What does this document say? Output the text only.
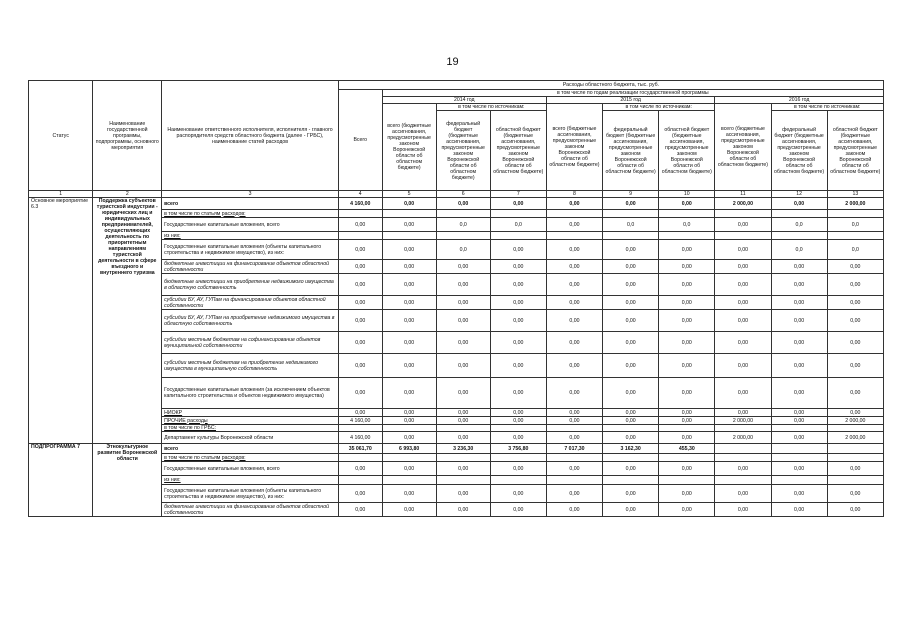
19
Статус	Наименование государственной программы, подпрограммы, основного мероприятия	Наименование ответственного исполнителя, исполнителя - главного распорядителя средств областного бюджета (далее - ГРБС), наименование статей расходов	Расходы областного бюджета, тыс. руб.									
			Всего	в том числе по годам реализации государственной программы								
				2014 год			2015 год			2016 год		
				всего (бюджетные ассигнования, предусмотренные законом Воронежской области об областном бюджете)	в том числе по источникам:		всего (бюджетные ассигнования, предусмотренные законом Воронежской области об областном бюджете)	в том числе по источникам:		всего (бюджетные ассигнования, предусмотренные законом Воронежской области об областном бюджете)	в том числе по источникам:	
					федеральный бюджет (бюджетные ассигнования, предусмотренные законом Воронежской области об областном бюджете)	областной бюджет (бюджетные ассигнования, предусмотренные законом Воронежской области об областном бюджете)		федеральный бюджет (бюджетные ассигнования, предусмотренные законом Воронежской области об областном бюджете)	областной бюджет (бюджетные ассигнования, предусмотренные законом Воронежской области об областном бюджете)		федеральный бюджет (бюджетные ассигнования, предусмотренные законом Воронежской области об областном бюджете)	областной бюджет (бюджетные ассигнования, предусмотренные законом Воронежской области об областном бюджете)
1	2	3	4	5	6	7	8	9	10	11	12	13
Основное мероприятие 6.3	Поддержка субъектов туристской индустрии - юридических лиц и индивидуальных предпринимателей, осуществляющих деятельность по приоритетным направлениям туристской деятельности в сфере въездного и внутреннего туризма	всего	4 160,00	0,00	0,00	0,00	0,00	0,00	0,00	2 000,00	0,00	2 000,00
		в том числе по статьям расходов:										
		Государственные капитальные вложения, всего	0,00	0,00	0,0	0,0	0,00	0,0	0,0	0,00	0,0	0,0
		из них:										
		Государственные капитальные вложения (объекты капитального строительства и недвижимое имущество), из них:	0,00	0,00	0,0	0,00	0,00	0,00	0,00	0,00	0,0	0,0
		бюджетные инвестиции на финансирование объектов областной собственности	0,00	0,00	0,00	0,00	0,00	0,00	0,00	0,00	0,00	0,00
		бюджетные инвестиции на приобретение недвижимого имущества в областную собственность	0,00	0,00	0,00	0,00	0,00	0,00	0,00	0,00	0,00	0,00
		субсидии БУ, АУ, ГУПам на финансирование объектов областной собственности	0,00	0,00	0,00	0,00	0,00	0,00	0,00	0,00	0,00	0,00
		субсидии БУ, АУ, ГУПам на приобретение недвижимого имущества в областную собственность	0,00	0,00	0,00	0,00	0,00	0,00	0,00	0,00	0,00	0,00
		субсидии местным бюджетам на софинансирование объектов муниципальной собственности	0,00	0,00	0,00	0,00	0,00	0,00	0,00	0,00	0,00	0,00
		субсидии местным бюджетам на приобретение недвижимого имущества в муниципальную собственность	0,00	0,00	0,00	0,00	0,00	0,00	0,00	0,00	0,00	0,00
		Государственные капитальные вложения (за исключением объектов капитального строительства и объектов недвижимого имущества)	0,00	0,00	0,00	0,00	0,00	0,00	0,00	0,00	0,00	0,00
		НИОКР	0,00	0,00	0,00	0,00	0,00	0,00	0,00	0,00	0,00	0,00
		ПРОЧИЕ расходы	4 160,00	0,00	0,00	0,00	0,00	0,00	0,00	2 000,00	0,00	2 000,00
		в том числе по ГРБС:										
		Департамент культуры Воронежской области	4 160,00	0,00	0,00	0,00	0,00	0,00	0,00	2 000,00	0,00	2 000,00
ПОДПРОГРАММА 7	Этнокультурное развитие Воронежской области	всего	35 061,70	6 993,80	3 236,30	3 756,80	7 017,30	3 162,30	455,30			
		в том числе по статьям расходов:										
		Государственные капитальные вложения, всего	0,00	0,00	0,00	0,00	0,00	0,00	0,00	0,00	0,00	0,00
		из них:										
		Государственные капитальные вложения (объекты капитального строительства и недвижимое имущество), из них:	0,00	0,00	0,00	0,00	0,00	0,00	0,00	0,00	0,00	0,00
		бюджетные инвестиции на финансирование объектов областной собственности	0,00	0,00	0,00	0,00	0,00	0,00	0,00	0,00	0,00	0,00
